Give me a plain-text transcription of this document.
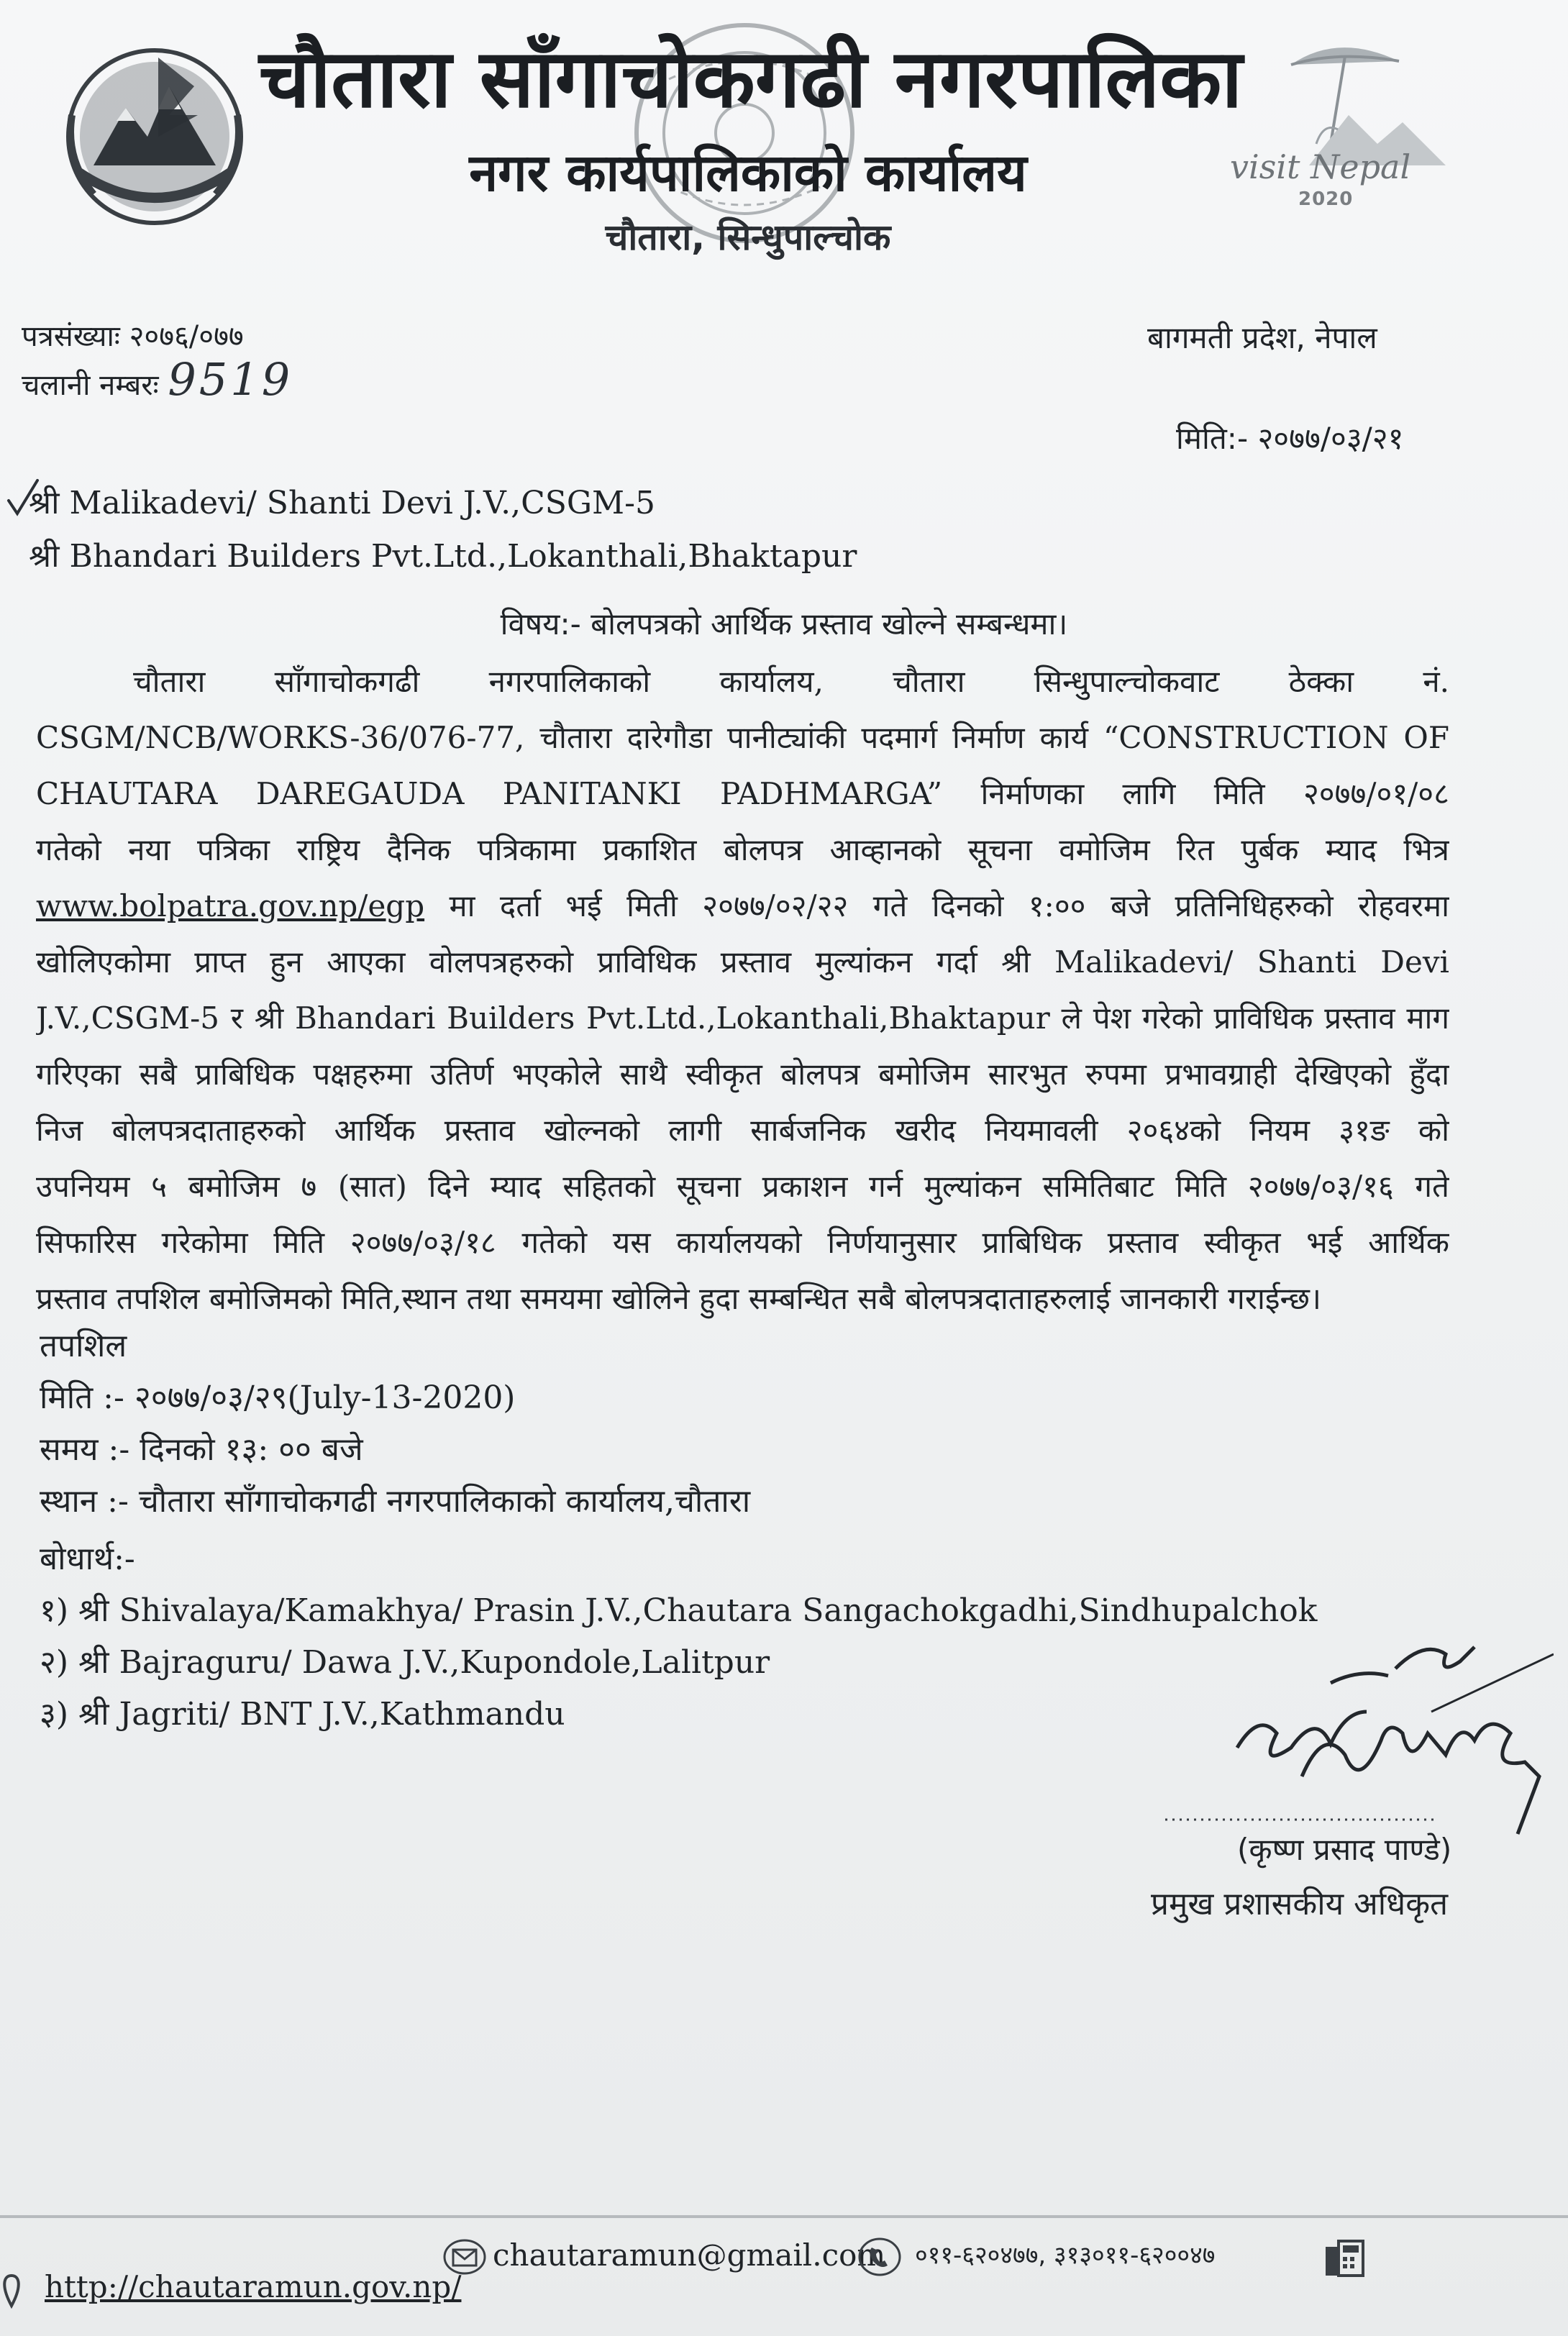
चौतारा साँगाचोकगढी नगरपालिका
नगर कार्यपालिकाको कार्यालय
चौतारा, सिन्धुपाल्चोक
visit Nepal
2020
पत्रसंख्याः २०७६/०७७
चलानी नम्बरः 9519
बागमती प्रदेश, नेपाल
मिति:- २०७७/०३/२१
श्री Malikadevi/ Shanti Devi J.V.,CSGM-5
श्री Bhandari Builders Pvt.Ltd.,Lokanthali,Bhaktapur
विषय:- बोलपत्रको आर्थिक प्रस्ताव खोल्ने सम्बन्धमा।
चौतारा साँगाचोकगढी नगरपालिकाको कार्यालय, चौतारा सिन्धुपाल्चोकवाट ठेक्का नं.
CSGM/NCB/WORKS-36/076-77, चौतारा दारेगौडा पानीट्यांकी पदमार्ग निर्माण कार्य “CONSTRUCTION OF
CHAUTARA DAREGAUDA PANITANKI PADHMARGA” निर्माणका लागि मिति २०७७/०१/०८
गतेको नया पत्रिका राष्ट्रिय दैनिक पत्रिकामा प्रकाशित बोलपत्र आव्हानको सूचना वमोजिम रित पुर्बक म्याद भित्र
www.bolpatra.gov.np/egp मा दर्ता भई मिती २०७७/०२/२२ गते दिनको १:०० बजे प्रतिनिधिहरुको रोहवरमा
खोलिएकोमा प्राप्त हुन आएका वोलपत्रहरुको प्राविधिक प्रस्ताव मुल्यांकन गर्दा श्री Malikadevi/ Shanti Devi
J.V.,CSGM-5 र श्री Bhandari Builders Pvt.Ltd.,Lokanthali,Bhaktapur ले पेश गरेको प्राविधिक प्रस्ताव माग
गरिएका सबै प्राबिधिक पक्षहरुमा उतिर्ण भएकोले साथै स्वीकृत बोलपत्र बमोजिम सारभुत रुपमा प्रभावग्राही देखिएको हुँदा
निज बोलपत्रदाताहरुको आर्थिक प्रस्ताव खोल्नको लागी सार्बजनिक खरीद नियमावली २०६४को नियम ३१ङ को
उपनियम ५ बमोजिम ७ (सात) दिने म्याद सहितको सूचना प्रकाशन गर्न मुल्यांकन समितिबाट मिति २०७७/०३/१६ गते
सिफारिस गरेकोमा मिति २०७७/०३/१८ गतेको यस कार्यालयको निर्णयानुसार प्राबिधिक प्रस्ताव स्वीकृत भई आर्थिक
प्रस्ताव तपशिल बमोजिमको मिति,स्थान तथा समयमा खोलिने हुदा सम्बन्धित सबै बोलपत्रदाताहरुलाई जानकारी गराईन्छ।
तपशिल
मिति :- २०७७/०३/२९(July-13-2020)
समय :- दिनको १३: ०० बजे
स्थान :- चौतारा साँगाचोकगढी नगरपालिकाको कार्यालय,चौतारा
बोधार्थ:-
१) श्री Shivalaya/Kamakhya/ Prasin J.V.,Chautara Sangachokgadhi,Sindhupalchok
२) श्री Bajraguru/ Dawa J.V.,Kupondole,Lalitpur
३) श्री Jagriti/ BNT J.V.,Kathmandu
(कृष्ण प्रसाद पाण्डे)
प्रमुख प्रशासकीय अधिकृत
http://chautaramun.gov.np/
chautaramun@gmail.com ०११-६२०४७७, ३१३०११-६२००४७
